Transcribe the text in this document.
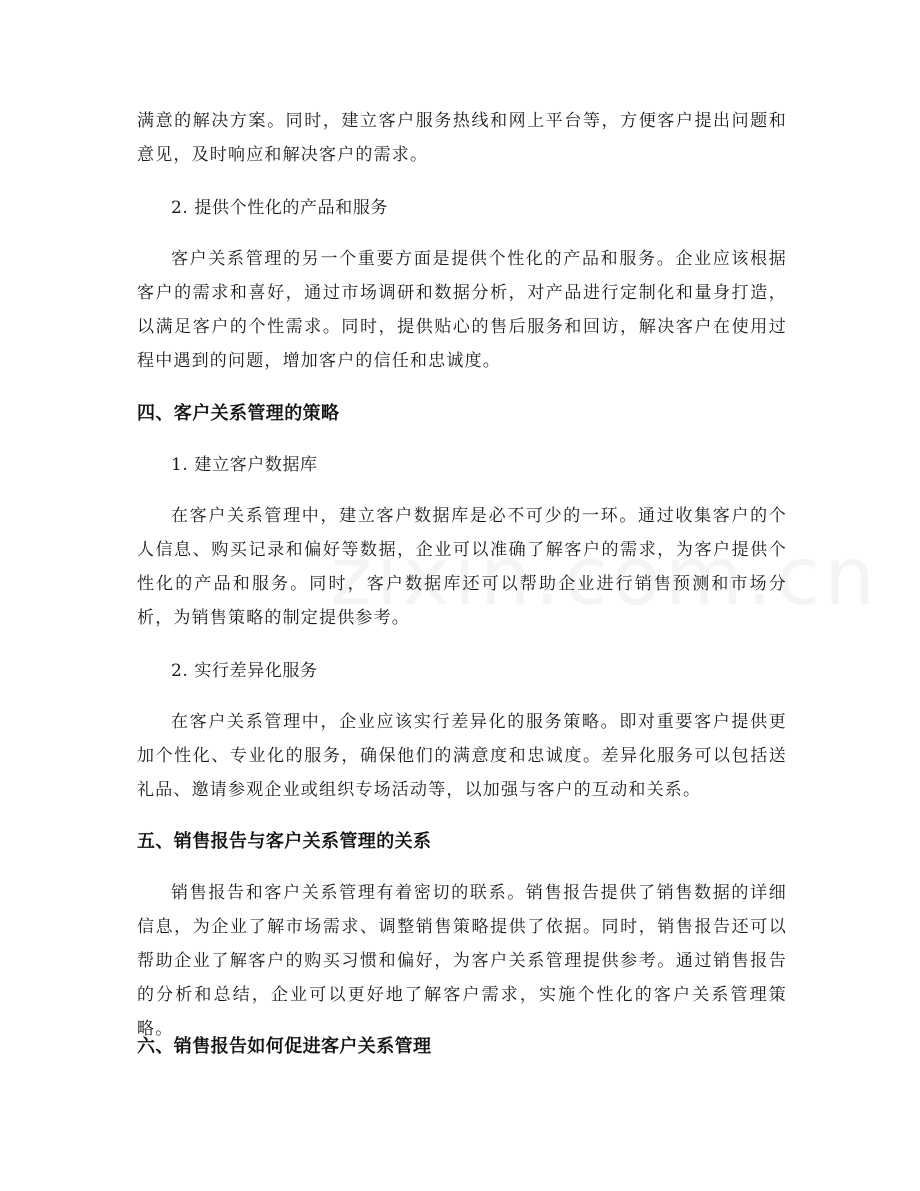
满意的解决方案。同时，建立客户服务热线和网上平台等，方便客户提出问题和意见，及时响应和解决客户的需求。

2. 提供个性化的产品和服务

客户关系管理的另一个重要方面是提供个性化的产品和服务。企业应该根据客户的需求和喜好，通过市场调研和数据分析，对产品进行定制化和量身打造，以满足客户的个性需求。同时，提供贴心的售后服务和回访，解决客户在使用过程中遇到的问题，增加客户的信任和忠诚度。

四、客户关系管理的策略

1. 建立客户数据库

在客户关系管理中，建立客户数据库是必不可少的一环。通过收集客户的个人信息、购买记录和偏好等数据，企业可以准确了解客户的需求，为客户提供个性化的产品和服务。同时，客户数据库还可以帮助企业进行销售预测和市场分析，为销售策略的制定提供参考。

2. 实行差异化服务

在客户关系管理中，企业应该实行差异化的服务策略。即对重要客户提供更加个性化、专业化的服务，确保他们的满意度和忠诚度。差异化服务可以包括送礼品、邀请参观企业或组织专场活动等，以加强与客户的互动和关系。

五、销售报告与客户关系管理的关系

销售报告和客户关系管理有着密切的联系。销售报告提供了销售数据的详细信息，为企业了解市场需求、调整销售策略提供了依据。同时，销售报告还可以帮助企业了解客户的购买习惯和偏好，为客户关系管理提供参考。通过销售报告的分析和总结，企业可以更好地了解客户需求，实施个性化的客户关系管理策略。

六、销售报告如何促进客户关系管理
